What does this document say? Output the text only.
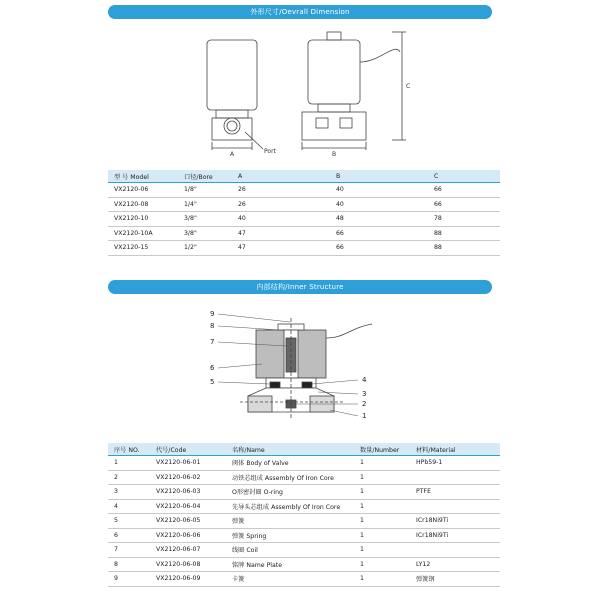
外形尺寸/Oevrall Dimension
A	B
C
Port
型 号 Model	口径/Bore	A	B	C
VX2120-06	1/8"	26	40	66
VX2120-08	1/4"	26	40	66
VX2120-10	3/8"	40	48	78
VX2120-10A	3/8"	47	66	88
VX2120-15	1/2"	47	66	88
内部结构/Inner Structure
9
8
7
6
5	4
3
2
1
序号 NO.	代号/Code	名称/Name	数量/Number	材料/Material
1	VX2120-06-01	阀体 Body of Valve	1	HPb59-1
2	VX2120-06-02	动铁芯组成 Assembly Of Iron Core	1	
3	VX2120-06-03	O形密封圈 O-ring	1	PTFE
4	VX2120-06-04	先导头芯组成 Assembly Of Iron Core	1	
5	VX2120-06-05	弹簧	1	ICr18Ni9Ti
6	VX2120-06-06	弹簧 Spring	1	ICr18Ni9Ti
7	VX2120-06-07	线圈 Coil	1	
8	VX2120-06-08	铭牌 Name Plate	1	LY12
9	VX2120-06-09	卡簧	1	弹簧钢
